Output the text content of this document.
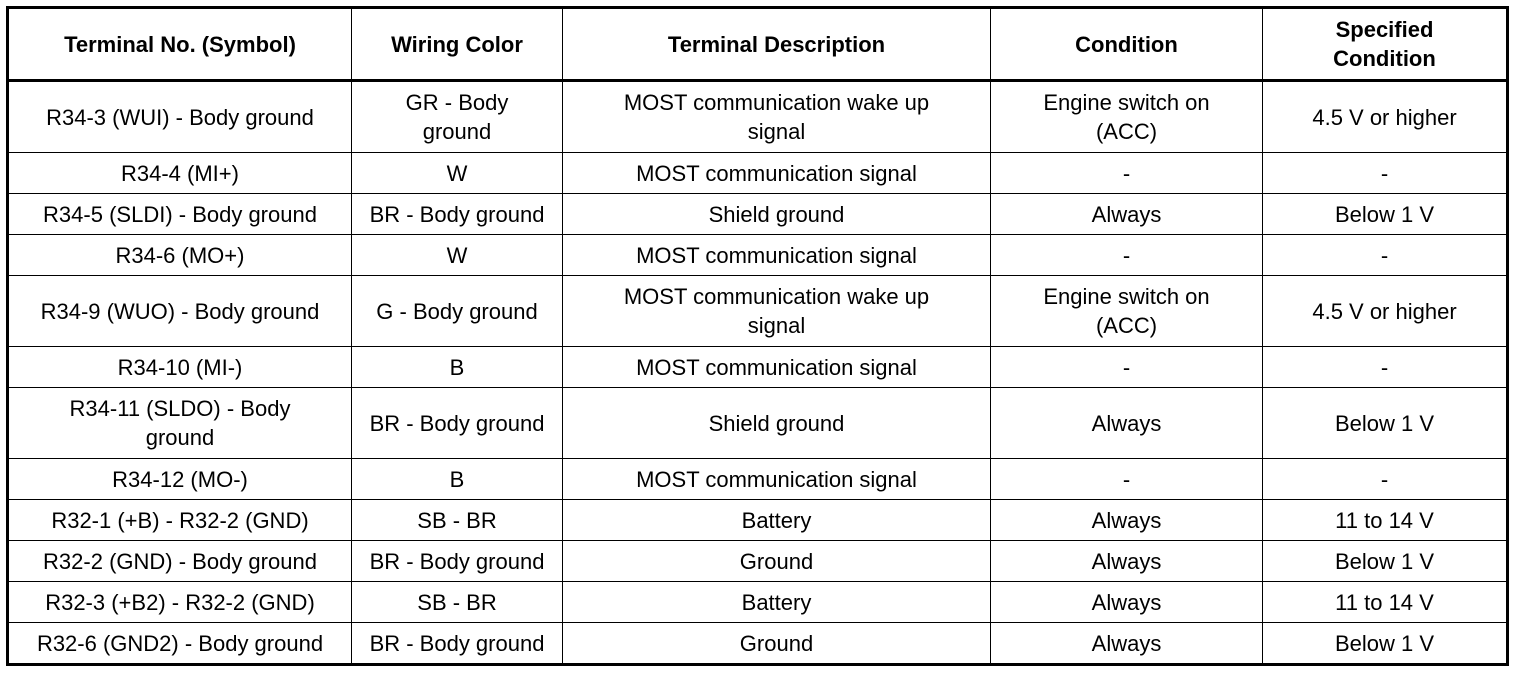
Terminal No. (Symbol)	Wiring Color	Terminal Description	Condition	Specified Condition
R34-3 (WUI) - Body ground	GR - Body ground	MOST communication wake up signal	Engine switch on (ACC)	4.5 V or higher
R34-4 (MI+)	W	MOST communication signal	-	-
R34-5 (SLDI) - Body ground	BR - Body ground	Shield ground	Always	Below 1 V
R34-6 (MO+)	W	MOST communication signal	-	-
R34-9 (WUO) - Body ground	G - Body ground	MOST communication wake up signal	Engine switch on (ACC)	4.5 V or higher
R34-10 (MI-)	B	MOST communication signal	-	-
R34-11 (SLDO) - Body ground	BR - Body ground	Shield ground	Always	Below 1 V
R34-12 (MO-)	B	MOST communication signal	-	-
R32-1 (+B) - R32-2 (GND)	SB - BR	Battery	Always	11 to 14 V
R32-2 (GND) - Body ground	BR - Body ground	Ground	Always	Below 1 V
R32-3 (+B2) - R32-2 (GND)	SB - BR	Battery	Always	11 to 14 V
R32-6 (GND2) - Body ground	BR - Body ground	Ground	Always	Below 1 V
